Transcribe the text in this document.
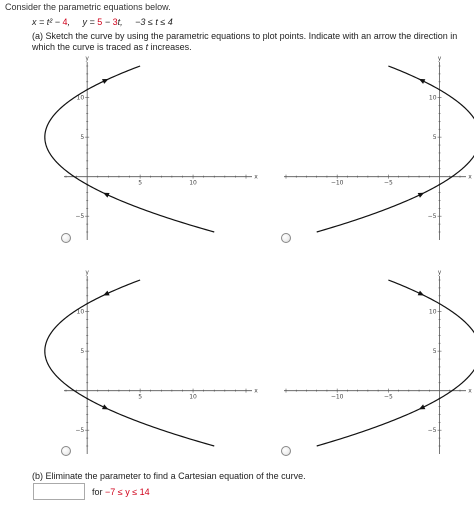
Consider the parametric equations below.
x = t² − 4,     y = 5 − 3t,     −3 ≤ t ≤ 4
(a) Sketch the curve by using the parametric equations to plot points. Indicate with an arrow the direction in which the curve is traced as t increases.
y
x
5	10
10
5
−5
y
x
−10	−5
10
5
−5
y
x
5	10
10
5
−5
y
x
−10	−5
10
5
−5
(b) Eliminate the parameter to find a Cartesian equation of the curve.
for −7 ≤ y ≤ 14
